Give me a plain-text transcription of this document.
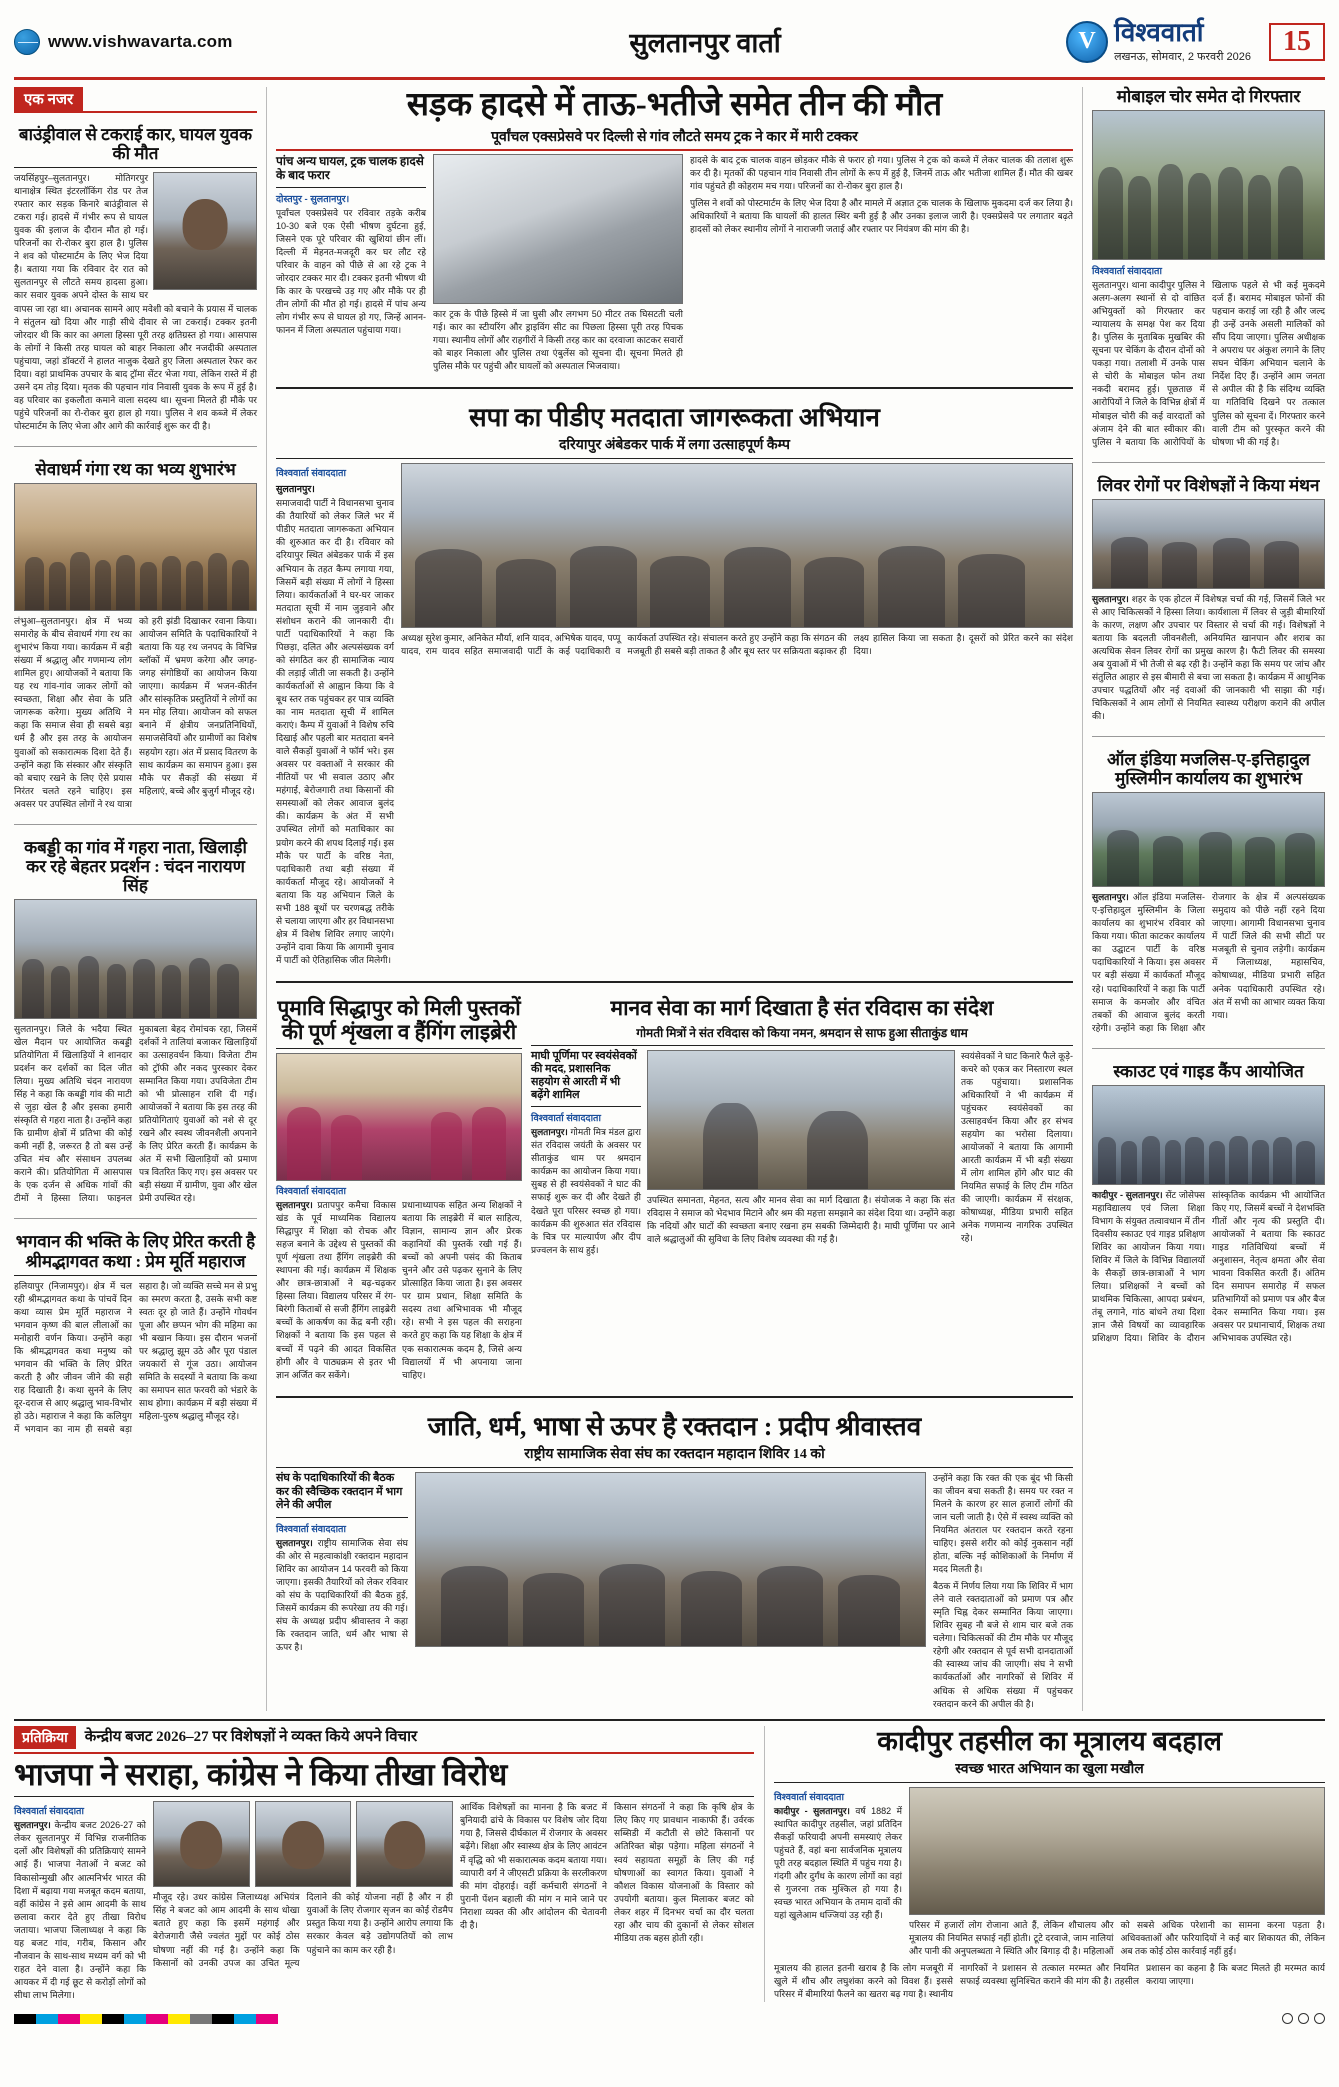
www.vishwavarta.com	सुलतानपुर वार्ता	V विश्ववार्ता
लखनऊ, सोमवार, 2 फरवरी 2026	15
एक नजर
बाउंड्रीवाल से टकराई कार, घायल युवक की मौत
जयसिंहपुर–सुलतानपुर। मोतिगरपुर थानाक्षेत्र स्थित इंटरलॉकिंग रोड पर तेज रफ्तार कार सड़क किनारे बाउंड्रीवाल से टकरा गई। हादसे में गंभीर रूप से घायल युवक की इलाज के दौरान मौत हो गई। परिजनों का रो-रोकर बुरा हाल है। पुलिस ने शव को पोस्टमार्टम के लिए भेज दिया है। बताया गया कि रविवार देर रात को सुलतानपुर से लौटते समय हादसा हुआ। कार सवार युवक अपने दोस्त के साथ घर वापस जा रहा था। अचानक सामने आए मवेशी को बचाने के प्रयास में चालक ने संतुलन खो दिया और गाड़ी सीधे दीवार से जा टकराई। टक्कर इतनी जोरदार थी कि कार का अगला हिस्सा पूरी तरह क्षतिग्रस्त हो गया। आसपास के लोगों ने किसी तरह घायल को बाहर निकाला और नजदीकी अस्पताल पहुंचाया, जहां डॉक्टरों ने हालत नाजुक देखते हुए जिला अस्पताल रेफर कर दिया। वहां प्राथमिक उपचार के बाद ट्रॉमा सेंटर भेजा गया, लेकिन रास्ते में ही उसने दम तोड़ दिया। मृतक की पहचान गांव निवासी युवक के रूप में हुई है। वह परिवार का इकलौता कमाने वाला सदस्य था। सूचना मिलते ही मौके पर पहुंचे परिजनों का रो-रोकर बुरा हाल हो गया। पुलिस ने शव कब्जे में लेकर पोस्टमार्टम के लिए भेजा और आगे की कार्रवाई शुरू कर दी है।
सेवाधर्म गंगा रथ का भव्य शुभारंभ
लंभुआ–सुलतानपुर। क्षेत्र में भव्य समारोह के बीच सेवाधर्म गंगा रथ का शुभारंभ किया गया। कार्यक्रम में बड़ी संख्या में श्रद्धालु और गणमान्य लोग शामिल हुए। आयोजकों ने बताया कि यह रथ गांव-गांव जाकर लोगों को स्वच्छता, शिक्षा और सेवा के प्रति जागरूक करेगा। मुख्य अतिथि ने कहा कि समाज सेवा ही सबसे बड़ा धर्म है और इस तरह के आयोजन युवाओं को सकारात्मक दिशा देते हैं। उन्होंने कहा कि संस्कार और संस्कृति को बचाए रखने के लिए ऐसे प्रयास निरंतर चलते रहने चाहिए। इस अवसर पर उपस्थित लोगों ने रथ यात्रा को हरी झंडी दिखाकर रवाना किया। आयोजन समिति के पदाधिकारियों ने बताया कि यह रथ जनपद के विभिन्न ब्लॉकों में भ्रमण करेगा और जगह-जगह संगोष्ठियों का आयोजन किया जाएगा। कार्यक्रम में भजन-कीर्तन और सांस्कृतिक प्रस्तुतियों ने लोगों का मन मोह लिया। आयोजन को सफल बनाने में क्षेत्रीय जनप्रतिनिधियों, समाजसेवियों और ग्रामीणों का विशेष सहयोग रहा। अंत में प्रसाद वितरण के साथ कार्यक्रम का समापन हुआ। इस मौके पर सैकड़ों की संख्या में महिलाएं, बच्चे और बुजुर्ग मौजूद रहे।
कबड्डी का गांव में गहरा नाता, खिलाड़ी कर रहे बेहतर प्रदर्शन : चंदन नारायण सिंह
सुलतानपुर। जिले के भदैया स्थित खेल मैदान पर आयोजित कबड्डी प्रतियोगिता में खिलाड़ियों ने शानदार प्रदर्शन कर दर्शकों का दिल जीत लिया। मुख्य अतिथि चंदन नारायण सिंह ने कहा कि कबड्डी गांव की माटी से जुड़ा खेल है और इसका हमारी संस्कृति से गहरा नाता है। उन्होंने कहा कि ग्रामीण क्षेत्रों में प्रतिभा की कोई कमी नहीं है, जरूरत है तो बस उन्हें उचित मंच और संसाधन उपलब्ध कराने की। प्रतियोगिता में आसपास के एक दर्जन से अधिक गांवों की टीमों ने हिस्सा लिया। फाइनल मुकाबला बेहद रोमांचक रहा, जिसमें दर्शकों ने तालियां बजाकर खिलाड़ियों का उत्साहवर्धन किया। विजेता टीम को ट्रॉफी और नकद पुरस्कार देकर सम्मानित किया गया। उपविजेता टीम को भी प्रोत्साहन राशि दी गई। आयोजकों ने बताया कि इस तरह की प्रतियोगिताएं युवाओं को नशे से दूर रखने और स्वस्थ जीवनशैली अपनाने के लिए प्रेरित करती हैं। कार्यक्रम के अंत में सभी खिलाड़ियों को प्रमाण पत्र वितरित किए गए। इस अवसर पर बड़ी संख्या में ग्रामीण, युवा और खेल प्रेमी उपस्थित रहे।
भगवान की भक्ति के लिए प्रेरित करती है श्रीमद्भागवत कथा : प्रेम मूर्ति महाराज
हलियापुर (निजामपुर)। क्षेत्र में चल रही श्रीमद्भागवत कथा के पांचवें दिन कथा व्यास प्रेम मूर्ति महाराज ने भगवान कृष्ण की बाल लीलाओं का मनोहारी वर्णन किया। उन्होंने कहा कि श्रीमद्भागवत कथा मनुष्य को भगवान की भक्ति के लिए प्रेरित करती है और जीवन जीने की सही राह दिखाती है। कथा सुनने के लिए दूर-दराज से आए श्रद्धालु भाव-विभोर हो उठे। महाराज ने कहा कि कलियुग में भगवान का नाम ही सबसे बड़ा सहारा है। जो व्यक्ति सच्चे मन से प्रभु का स्मरण करता है, उसके सभी कष्ट स्वतः दूर हो जाते हैं। उन्होंने गोवर्धन पूजा और छप्पन भोग की महिमा का भी बखान किया। इस दौरान भजनों पर श्रद्धालु झूम उठे और पूरा पंडाल जयकारों से गूंज उठा। आयोजन समिति के सदस्यों ने बताया कि कथा का समापन सात फरवरी को भंडारे के साथ होगा। कार्यक्रम में बड़ी संख्या में महिला-पुरुष श्रद्धालु मौजूद रहे।
सड़क हादसे में ताऊ-भतीजे समेत तीन की मौत
पूर्वांचल एक्सप्रेसवे पर दिल्ली से गांव लौटते समय ट्रक ने कार में मारी टक्कर
पांच अन्य घायल, ट्रक चालक हादसे के बाद फरार
दोस्तपुर - सुलतानपुर।
पूर्वांचल एक्सप्रेसवे पर रविवार तड़के करीब 10-30 बजे एक ऐसी भीषण दुर्घटना हुई, जिसने एक पूरे परिवार की खुशियां छीन लीं। दिल्ली में मेहनत-मजदूरी कर घर लौट रहे परिवार के वाहन को पीछे से आ रहे ट्रक ने जोरदार टक्कर मार दी। टक्कर इतनी भीषण थी कि कार के परखच्चे उड़ गए और मौके पर ही तीन लोगों की मौत हो गई। हादसे में पांच अन्य लोग गंभीर रूप से घायल हो गए, जिन्हें आनन-फानन में जिला अस्पताल पहुंचाया गया।
कार ट्रक के पीछे हिस्से में जा घुसी और लगभग 50 मीटर तक घिसटती चली गई। कार का स्टीयरिंग और ड्राइविंग सीट का पिछला हिस्सा पूरी तरह पिचक गया। स्थानीय लोगों और राहगीरों ने किसी तरह कार का दरवाजा काटकर सवारों को बाहर निकाला और पुलिस तथा एंबुलेंस को सूचना दी। सूचना मिलते ही पुलिस मौके पर पहुंची और घायलों को अस्पताल भिजवाया।
हादसे के बाद ट्रक चालक वाहन छोड़कर मौके से फरार हो गया। पुलिस ने ट्रक को कब्जे में लेकर चालक की तलाश शुरू कर दी है। मृतकों की पहचान गांव निवासी तीन लोगों के रूप में हुई है, जिनमें ताऊ और भतीजा शामिल हैं। मौत की खबर गांव पहुंचते ही कोहराम मच गया। परिजनों का रो-रोकर बुरा हाल है।
पुलिस ने शवों को पोस्टमार्टम के लिए भेज दिया है और मामले में अज्ञात ट्रक चालक के खिलाफ मुकदमा दर्ज कर लिया है। अधिकारियों ने बताया कि घायलों की हालत स्थिर बनी हुई है और उनका इलाज जारी है। एक्सप्रेसवे पर लगातार बढ़ते हादसों को लेकर स्थानीय लोगों ने नाराजगी जताई और रफ्तार पर नियंत्रण की मांग की है।
सपा का पीडीए मतदाता जागरूकता अभियान
दरियापुर अंबेडकर पार्क में लगा उत्साहपूर्ण कैम्प
विश्ववार्ता संवाददाता
सुलतानपुर।
समाजवादी पार्टी ने विधानसभा चुनाव की तैयारियों को लेकर जिले भर में पीडीए मतदाता जागरूकता अभियान की शुरुआत कर दी है। रविवार को दरियापुर स्थित अंबेडकर पार्क में इस अभियान के तहत कैम्प लगाया गया, जिसमें बड़ी संख्या में लोगों ने हिस्सा लिया। कार्यकर्ताओं ने घर-घर जाकर मतदाता सूची में नाम जुड़वाने और संशोधन कराने की जानकारी दी। पार्टी पदाधिकारियों ने कहा कि पिछड़ा, दलित और अल्पसंख्यक वर्ग को संगठित कर ही सामाजिक न्याय की लड़ाई जीती जा सकती है। उन्होंने कार्यकर्ताओं से आह्वान किया कि वे बूथ स्तर तक पहुंचकर हर पात्र व्यक्ति का नाम मतदाता सूची में शामिल कराएं। कैम्प में युवाओं ने विशेष रुचि दिखाई और पहली बार मतदाता बनने वाले सैकड़ों युवाओं ने फॉर्म भरे। इस अवसर पर वक्ताओं ने सरकार की नीतियों पर भी सवाल उठाए और महंगाई, बेरोजगारी तथा किसानों की समस्याओं को लेकर आवाज बुलंद की। कार्यक्रम के अंत में सभी उपस्थित लोगों को मताधिकार का प्रयोग करने की शपथ दिलाई गई। इस मौके पर पार्टी के वरिष्ठ नेता, पदाधिकारी तथा बड़ी संख्या में कार्यकर्ता मौजूद रहे। आयोजकों ने बताया कि यह अभियान जिले के सभी 188 बूथों पर चरणबद्ध तरीके से चलाया जाएगा और हर विधानसभा क्षेत्र में विशेष शिविर लगाए जाएंगे। उन्होंने दावा किया कि आगामी चुनाव में पार्टी को ऐतिहासिक जीत मिलेगी।
अध्यक्ष सुरेश कुमार, अनिकेत मौर्या, शनि यादव, अभिषेक यादव, पप्पू यादव, राम यादव सहित समाजवादी पार्टी के कई पदाधिकारी व कार्यकर्ता उपस्थित रहे। संचालन करते हुए उन्होंने कहा कि संगठन की मजबूती ही सबसे बड़ी ताकत है और बूथ स्तर पर सक्रियता बढ़ाकर ही लक्ष्य हासिल किया जा सकता है। दूसरों को प्रेरित करने का संदेश दिया।
पूमावि सिद्धापुर को मिली पुस्तकों की पूर्ण शृंखला व हैंगिंग लाइब्रेरी
विश्ववार्ता संवाददाता
सुलतानपुर। प्रतापपुर कमैचा विकास खंड के पूर्व माध्यमिक विद्यालय सिद्धापुर में शिक्षा को रोचक और सहज बनाने के उद्देश्य से पुस्तकों की पूर्ण शृंखला तथा हैंगिंग लाइब्रेरी की स्थापना की गई। कार्यक्रम में शिक्षक और छात्र-छात्राओं ने बढ़-चढ़कर हिस्सा लिया। विद्यालय परिसर में रंग-बिरंगी किताबों से सजी हैंगिंग लाइब्रेरी बच्चों के आकर्षण का केंद्र बनी रही। शिक्षकों ने बताया कि इस पहल से बच्चों में पढ़ने की आदत विकसित होगी और वे पाठ्यक्रम से इतर भी ज्ञान अर्जित कर सकेंगे।
प्रधानाध्यापक सहित अन्य शिक्षकों ने बताया कि लाइब्रेरी में बाल साहित्य, विज्ञान, सामान्य ज्ञान और प्रेरक कहानियों की पुस्तकें रखी गई हैं। बच्चों को अपनी पसंद की किताब चुनने और उसे पढ़कर सुनाने के लिए प्रोत्साहित किया जाता है। इस अवसर पर ग्राम प्रधान, शिक्षा समिति के सदस्य तथा अभिभावक भी मौजूद रहे। सभी ने इस पहल की सराहना करते हुए कहा कि यह शिक्षा के क्षेत्र में एक सकारात्मक कदम है, जिसे अन्य विद्यालयों में भी अपनाया जाना चाहिए।
मानव सेवा का मार्ग दिखाता है संत रविदास का संदेश
गोमती मित्रों ने संत रविदास को किया नमन, श्रमदान से साफ हुआ सीताकुंड धाम
माघी पूर्णिमा पर स्वयंसेवकों की मदद, प्रशासनिक सहयोग से आरती में भी बढ़ेंगे शामिल
विश्ववार्ता संवाददाता
सुलतानपुर। गोमती मित्र मंडल द्वारा संत रविदास जयंती के अवसर पर सीताकुंड धाम पर श्रमदान कार्यक्रम का आयोजन किया गया। सुबह से ही स्वयंसेवकों ने घाट की सफाई शुरू कर दी और देखते ही देखते पूरा परिसर स्वच्छ हो गया। कार्यक्रम की शुरुआत संत रविदास के चित्र पर माल्यार्पण और दीप प्रज्वलन के साथ हुई।
उपस्थित समानता, मेहनत, सत्य और मानव सेवा का मार्ग दिखाता है। संयोजक ने कहा कि संत रविदास ने समाज को भेदभाव मिटाने और श्रम की महत्ता समझाने का संदेश दिया था। उन्होंने कहा कि नदियों और घाटों की स्वच्छता बनाए रखना हम सबकी जिम्मेदारी है। माघी पूर्णिमा पर आने वाले श्रद्धालुओं की सुविधा के लिए विशेष व्यवस्था की गई है।
स्वयंसेवकों ने घाट किनारे फैले कूड़े-कचरे को एकत्र कर निस्तारण स्थल तक पहुंचाया। प्रशासनिक अधिकारियों ने भी कार्यक्रम में पहुंचकर स्वयंसेवकों का उत्साहवर्धन किया और हर संभव सहयोग का भरोसा दिलाया। आयोजकों ने बताया कि आगामी आरती कार्यक्रम में भी बड़ी संख्या में लोग शामिल होंगे और घाट की नियमित सफाई के लिए टीम गठित की जाएगी। कार्यक्रम में संरक्षक, कोषाध्यक्ष, मीडिया प्रभारी सहित अनेक गणमान्य नागरिक उपस्थित रहे।
जाति, धर्म, भाषा से ऊपर है रक्तदान : प्रदीप श्रीवास्तव
राष्ट्रीय सामाजिक सेवा संघ का रक्तदान महादान शिविर 14 को
संघ के पदाधिकारियों की बैठक कर की स्वैच्छिक रक्तदान में भाग लेने की अपील
विश्ववार्ता संवाददाता
सुलतानपुर। राष्ट्रीय सामाजिक सेवा संघ की ओर से महत्वाकांक्षी रक्तदान महादान शिविर का आयोजन 14 फरवरी को किया जाएगा। इसकी तैयारियों को लेकर रविवार को संघ के पदाधिकारियों की बैठक हुई, जिसमें कार्यक्रम की रूपरेखा तय की गई। संघ के अध्यक्ष प्रदीप श्रीवास्तव ने कहा कि रक्तदान जाति, धर्म और भाषा से ऊपर है।
उन्होंने कहा कि रक्त की एक बूंद भी किसी का जीवन बचा सकती है। समय पर रक्त न मिलने के कारण हर साल हजारों लोगों की जान चली जाती है। ऐसे में स्वस्थ व्यक्ति को नियमित अंतराल पर रक्तदान करते रहना चाहिए। इससे शरीर को कोई नुकसान नहीं होता, बल्कि नई कोशिकाओं के निर्माण में मदद मिलती है।
बैठक में निर्णय लिया गया कि शिविर में भाग लेने वाले रक्तदाताओं को प्रमाण पत्र और स्मृति चिह्न देकर सम्मानित किया जाएगा। शिविर सुबह नौ बजे से शाम चार बजे तक चलेगा। चिकित्सकों की टीम मौके पर मौजूद रहेगी और रक्तदान से पूर्व सभी दानदाताओं की स्वास्थ्य जांच की जाएगी। संघ ने सभी कार्यकर्ताओं और नागरिकों से शिविर में अधिक से अधिक संख्या में पहुंचकर रक्तदान करने की अपील की है।
मोबाइल चोर समेत दो गिरफ्तार
विश्ववार्ता संवाददाता
सुलतानपुर। थाना कादीपुर पुलिस ने अलग-अलग स्थानों से दो वांछित अभियुक्तों को गिरफ्तार कर न्यायालय के समक्ष पेश कर दिया है। पुलिस के मुताबिक मुखबिर की सूचना पर चेकिंग के दौरान दोनों को पकड़ा गया। तलाशी में उनके पास से चोरी के मोबाइल फोन तथा नकदी बरामद हुई। पूछताछ में आरोपियों ने जिले के विभिन्न क्षेत्रों में मोबाइल चोरी की कई वारदातों को अंजाम देने की बात स्वीकार की। पुलिस ने बताया कि आरोपियों के खिलाफ पहले से भी कई मुकदमे दर्ज हैं। बरामद मोबाइल फोनों की पहचान कराई जा रही है और जल्द ही उन्हें उनके असली मालिकों को सौंप दिया जाएगा। पुलिस अधीक्षक ने अपराध पर अंकुश लगाने के लिए सघन चेकिंग अभियान चलाने के निर्देश दिए हैं। उन्होंने आम जनता से अपील की है कि संदिग्ध व्यक्ति या गतिविधि दिखने पर तत्काल पुलिस को सूचना दें। गिरफ्तार करने वाली टीम को पुरस्कृत करने की घोषणा भी की गई है।
लिवर रोगों पर विशेषज्ञों ने किया मंथन
सुलतानपुर। शहर के एक होटल में विशेषज्ञ चर्चा की गई, जिसमें जिले भर से आए चिकित्सकों ने हिस्सा लिया। कार्यशाला में लिवर से जुड़ी बीमारियों के कारण, लक्षण और उपचार पर विस्तार से चर्चा की गई। विशेषज्ञों ने बताया कि बदलती जीवनशैली, अनियमित खानपान और शराब का अत्यधिक सेवन लिवर रोगों का प्रमुख कारण है। फैटी लिवर की समस्या अब युवाओं में भी तेजी से बढ़ रही है। उन्होंने कहा कि समय पर जांच और संतुलित आहार से इस बीमारी से बचा जा सकता है। कार्यक्रम में आधुनिक उपचार पद्धतियों और नई दवाओं की जानकारी भी साझा की गई। चिकित्सकों ने आम लोगों से नियमित स्वास्थ्य परीक्षण कराने की अपील की।
ऑल इंडिया मजलिस-ए-इत्तिहादुल मुस्लिमीन कार्यालय का शुभारंभ
सुलतानपुर। ऑल इंडिया मजलिस-ए-इत्तिहादुल मुस्लिमीन के जिला कार्यालय का शुभारंभ रविवार को किया गया। फीता काटकर कार्यालय का उद्घाटन पार्टी के वरिष्ठ पदाधिकारियों ने किया। इस अवसर पर बड़ी संख्या में कार्यकर्ता मौजूद रहे। पदाधिकारियों ने कहा कि पार्टी समाज के कमजोर और वंचित तबकों की आवाज बुलंद करती रहेगी। उन्होंने कहा कि शिक्षा और रोजगार के क्षेत्र में अल्पसंख्यक समुदाय को पीछे नहीं रहने दिया जाएगा। आगामी विधानसभा चुनाव में पार्टी जिले की सभी सीटों पर मजबूती से चुनाव लड़ेगी। कार्यक्रम में जिलाध्यक्ष, महासचिव, कोषाध्यक्ष, मीडिया प्रभारी सहित अनेक पदाधिकारी उपस्थित रहे। अंत में सभी का आभार व्यक्त किया गया।
स्काउट एवं गाइड कैंप आयोजित
कादीपुर - सुलतानपुर। सेंट जोसेफ्स महाविद्यालय एवं जिला शिक्षा विभाग के संयुक्त तत्वावधान में तीन दिवसीय स्काउट एवं गाइड प्रशिक्षण शिविर का आयोजन किया गया। शिविर में जिले के विभिन्न विद्यालयों के सैकड़ों छात्र-छात्राओं ने भाग लिया। प्रशिक्षकों ने बच्चों को प्राथमिक चिकित्सा, आपदा प्रबंधन, तंबू लगाने, गांठ बांधने तथा दिशा ज्ञान जैसे विषयों का व्यावहारिक प्रशिक्षण दिया। शिविर के दौरान सांस्कृतिक कार्यक्रम भी आयोजित किए गए, जिसमें बच्चों ने देशभक्ति गीतों और नृत्य की प्रस्तुति दी। आयोजकों ने बताया कि स्काउट गाइड गतिविधियां बच्चों में अनुशासन, नेतृत्व क्षमता और सेवा भावना विकसित करती हैं। अंतिम दिन समापन समारोह में सफल प्रतिभागियों को प्रमाण पत्र और बैज देकर सम्मानित किया गया। इस अवसर पर प्रधानाचार्य, शिक्षक तथा अभिभावक उपस्थित रहे।
प्रतिक्रिया	केन्द्रीय बजट 2026–27 पर विशेषज्ञों ने व्यक्त किये अपने विचार
भाजपा ने सराहा, कांग्रेस ने किया तीखा विरोध
विश्ववार्ता संवाददाता
सुलतानपुर। केन्द्रीय बजट 2026-27 को लेकर सुलतानपुर में विभिन्न राजनीतिक दलों और विशेषज्ञों की प्रतिक्रियाएं सामने आई हैं। भाजपा नेताओं ने बजट को विकासोन्मुखी और आत्मनिर्भर भारत की दिशा में बढ़ाया गया मजबूत कदम बताया, वहीं कांग्रेस ने इसे आम आदमी के साथ छलावा करार देते हुए तीखा विरोध जताया। भाजपा जिलाध्यक्ष ने कहा कि यह बजट गांव, गरीब, किसान और नौजवान के साथ-साथ मध्यम वर्ग को भी राहत देने वाला है। उन्होंने कहा कि आयकर में दी गई छूट से करोड़ों लोगों को सीधा लाभ मिलेगा।
मौजूद रहे। उधर कांग्रेस जिलाध्यक्ष अभियंत्र सिंह ने बजट को आम आदमी के साथ धोखा बताते हुए कहा कि इसमें महंगाई और बेरोजगारी जैसे ज्वलंत मुद्दों पर कोई ठोस घोषणा नहीं की गई है। उन्होंने कहा कि किसानों को उनकी उपज का उचित मूल्य दिलाने की कोई योजना नहीं है और न ही युवाओं के लिए रोजगार सृजन का कोई रोडमैप प्रस्तुत किया गया है। उन्होंने आरोप लगाया कि सरकार केवल बड़े उद्योगपतियों को लाभ पहुंचाने का काम कर रही है।
आर्थिक विशेषज्ञों का मानना है कि बजट में बुनियादी ढांचे के विकास पर विशेष जोर दिया गया है, जिससे दीर्घकाल में रोजगार के अवसर बढ़ेंगे। शिक्षा और स्वास्थ्य क्षेत्र के लिए आवंटन में वृद्धि को भी सकारात्मक कदम बताया गया। व्यापारी वर्ग ने जीएसटी प्रक्रिया के सरलीकरण की मांग दोहराई। वहीं कर्मचारी संगठनों ने पुरानी पेंशन बहाली की मांग न माने जाने पर निराशा व्यक्त की और आंदोलन की चेतावनी दी है।
किसान संगठनों ने कहा कि कृषि क्षेत्र के लिए किए गए प्रावधान नाकाफी हैं। उर्वरक सब्सिडी में कटौती से छोटे किसानों पर अतिरिक्त बोझ पड़ेगा। महिला संगठनों ने स्वयं सहायता समूहों के लिए की गई घोषणाओं का स्वागत किया। युवाओं ने कौशल विकास योजनाओं के विस्तार को उपयोगी बताया। कुल मिलाकर बजट को लेकर शहर में दिनभर चर्चा का दौर चलता रहा और चाय की दुकानों से लेकर सोशल मीडिया तक बहस होती रही।
कादीपुर तहसील का मूत्रालय बदहाल
स्वच्छ भारत अभियान का खुला मखौल
विश्ववार्ता संवाददाता
कादीपुर - सुलतानपुर। वर्ष 1882 में स्थापित कादीपुर तहसील, जहां प्रतिदिन सैकड़ों फरियादी अपनी समस्याएं लेकर पहुंचते हैं, वहां बना सार्वजनिक मूत्रालय पूरी तरह बदहाल स्थिति में पहुंच गया है। गंदगी और दुर्गंध के कारण लोगों का वहां से गुजरना तक मुश्किल हो गया है। स्वच्छ भारत अभियान के तमाम दावों की यहां खुलेआम धज्जियां उड़ रही हैं।
परिसर में हजारों लोग रोजाना आते हैं, लेकिन शौचालय और मूत्रालय की नियमित सफाई नहीं होती। टूटे दरवाजे, जाम नालियां और पानी की अनुपलब्धता ने स्थिति और बिगाड़ दी है। महिलाओं को सबसे अधिक परेशानी का सामना करना पड़ता है। अधिवक्ताओं और फरियादियों ने कई बार शिकायत की, लेकिन अब तक कोई ठोस कार्रवाई नहीं हुई।
मूत्रालय की हालत इतनी खराब है कि लोग मजबूरी में खुले में शौच और लघुशंका करने को विवश हैं। इससे परिसर में बीमारियां फैलने का खतरा बढ़ गया है। स्थानीय नागरिकों ने प्रशासन से तत्काल मरम्मत और नियमित सफाई व्यवस्था सुनिश्चित कराने की मांग की है। तहसील प्रशासन का कहना है कि बजट मिलते ही मरम्मत कार्य कराया जाएगा।
